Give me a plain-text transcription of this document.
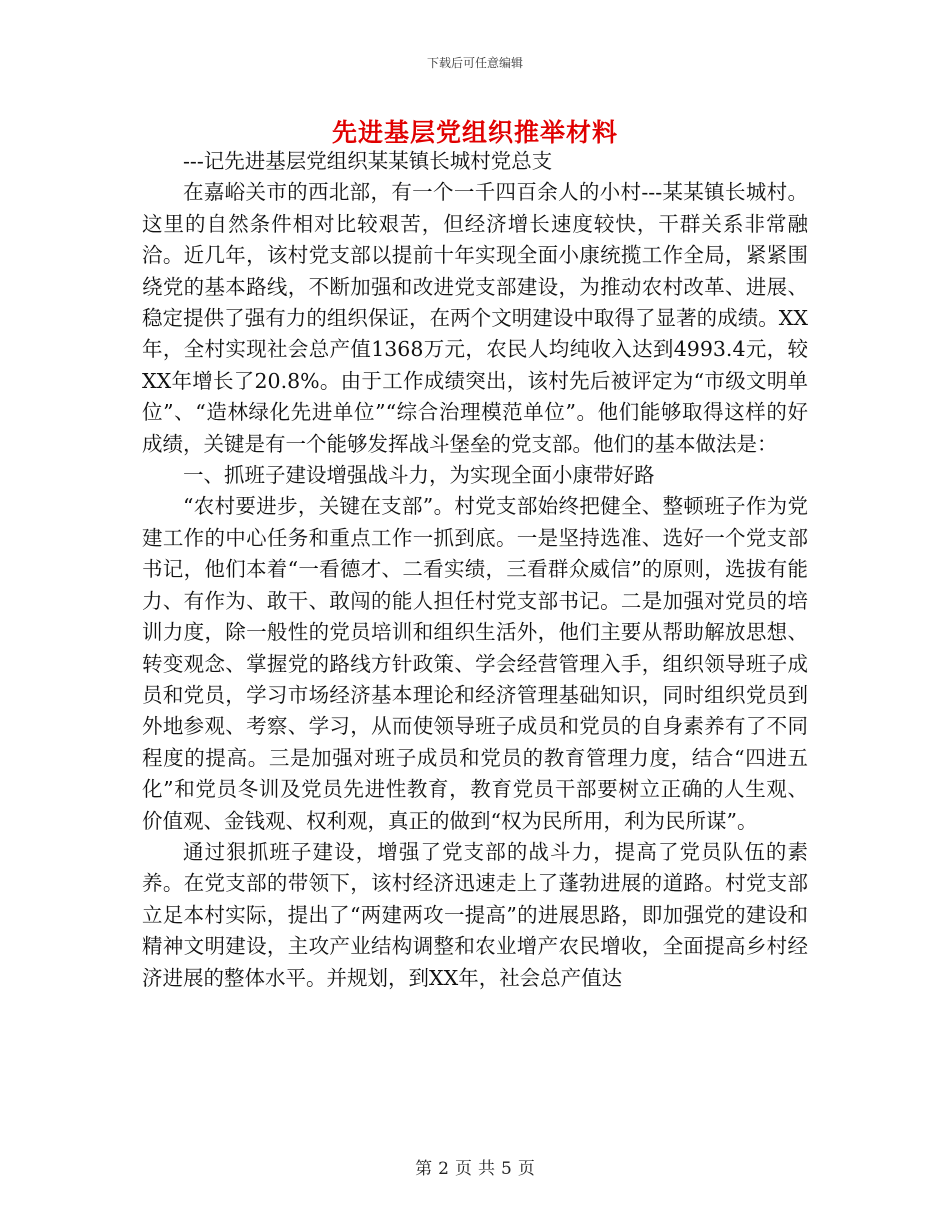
下载后可任意编辑
先进基层党组织推举材料

---记先进基层党组织某某镇长城村党总支

在嘉峪关市的西北部，有一个一千四百余人的小村---某某镇长城村。这里的自然条件相对比较艰苦，但经济增长速度较快，干群关系非常融洽。近几年，该村党支部以提前十年实现全面小康统揽工作全局，紧紧围绕党的基本路线，不断加强和改进党支部建设，为推动农村改革、进展、稳定提供了强有力的组织保证，在两个文明建设中取得了显著的成绩。XX年，全村实现社会总产值1368万元，农民人均纯收入达到4993.4元，较XX年增长了20.8%。由于工作成绩突出，该村先后被评定为“市级文明单位”、“造林绿化先进单位”“综合治理模范单位”。他们能够取得这样的好成绩，关键是有一个能够发挥战斗堡垒的党支部。他们的基本做法是：

一、抓班子建设增强战斗力，为实现全面小康带好路

“农村要进步，关键在支部”。村党支部始终把健全、整顿班子作为党建工作的中心任务和重点工作一抓到底。一是坚持选准、选好一个党支部书记，他们本着“一看德才、二看实绩，三看群众威信”的原则，选拔有能力、有作为、敢干、敢闯的能人担任村党支部书记。二是加强对党员的培训力度，除一般性的党员培训和组织生活外，他们主要从帮助解放思想、转变观念、掌握党的路线方针政策、学会经营管理入手，组织领导班子成员和党员，学习市场经济基本理论和经济管理基础知识，同时组织党员到外地参观、考察、学习，从而使领导班子成员和党员的自身素养有了不同程度的提高。三是加强对班子成员和党员的教育管理力度，结合“四进五化”和党员冬训及党员先进性教育，教育党员干部要树立正确的人生观、价值观、金钱观、权利观，真正的做到“权为民所用，利为民所谋”。

通过狠抓班子建设，增强了党支部的战斗力，提高了党员队伍的素养。在党支部的带领下，该村经济迅速走上了蓬勃进展的道路。村党支部立足本村实际，提出了“两建两攻一提高”的进展思路，即加强党的建设和精神文明建设，主攻产业结构调整和农业增产农民增收，全面提高乡村经济进展的整体水平。并规划，到XX年，社会总产值达

第 2 页 共 5 页
